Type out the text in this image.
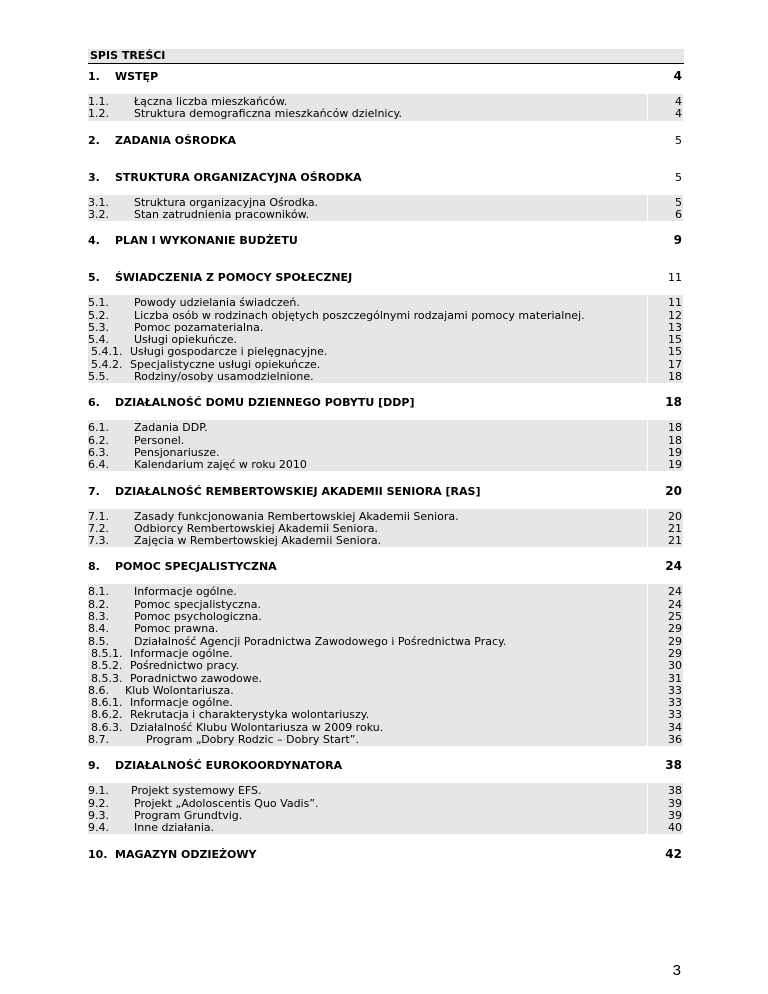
SPIS TREŚCI
1. WSTĘP	4
1.1. Łączna liczba mieszkańców.	4
1.2. Struktura demograficzna mieszkańców dzielnicy.	4
2. ZADANIA OŚRODKA	5
3. STRUKTURA ORGANIZACYJNA OŚRODKA	5
3.1. Struktura organizacyjna Ośrodka.	5
3.2. Stan zatrudnienia pracowników.	6
4. PLAN I WYKONANIE BUDŻETU	9
5. ŚWIADCZENIA Z POMOCY SPOŁECZNEJ	11
5.1. Powody udzielania świadczeń.	11
5.2. Liczba osób w rodzinach objętych poszczególnymi rodzajami pomocy materialnej.	12
5.3. Pomoc pozamaterialna.	13
5.4. Usługi opiekuńcze.	15
5.4.1. Usługi gospodarcze i pielęgnacyjne.	15
5.4.2. Specjalistyczne usługi opiekuńcze.	17
5.5. Rodziny/osoby usamodzielnione.	18
6. DZIAŁALNOŚĆ DOMU DZIENNEGO POBYTU [DDP]	18
6.1. Zadania DDP.	18
6.2. Personel.	18
6.3. Pensjonariusze.	19
6.4. Kalendarium zajęć w roku 2010	19
7. DZIAŁALNOŚĆ REMBERTOWSKIEJ AKADEMII SENIORA [RAS]	20
7.1. Zasady funkcjonowania Rembertowskiej Akademii Seniora.	20
7.2. Odbiorcy Rembertowskiej Akademii Seniora.	21
7.3. Zajęcia w Rembertowskiej Akademii Seniora.	21
8. POMOC SPECJALISTYCZNA	24
8.1. Informacje ogólne.	24
8.2. Pomoc specjalistyczna.	24
8.3. Pomoc psychologiczna.	25
8.4. Pomoc prawna.	29
8.5. Działalność Agencji Poradnictwa Zawodowego i Pośrednictwa Pracy.	29
8.5.1. Informacje ogólne.	29
8.5.2. Pośrednictwo pracy.	30
8.5.3. Poradnictwo zawodowe.	31
8.6. Klub Wolontariusza.	33
8.6.1. Informacje ogólne.	33
8.6.2. Rekrutacja i charakterystyka wolontariuszy.	33
8.6.3. Działalność Klubu Wolontariusza w 2009 roku.	34
8.7.	Program „Dobry Rodzic – Dobry Start”.	36
9. DZIAŁALNOŚĆ EUROKOORDYNATORA	38
9.1. Projekt systemowy EFS.	38
9.2. Projekt „Adoloscentis Quo Vadis”.	39
9.3. Program Grundtvig.	39
9.4. Inne działania.	40
10. MAGAZYN ODZIEŻOWY	42
3
